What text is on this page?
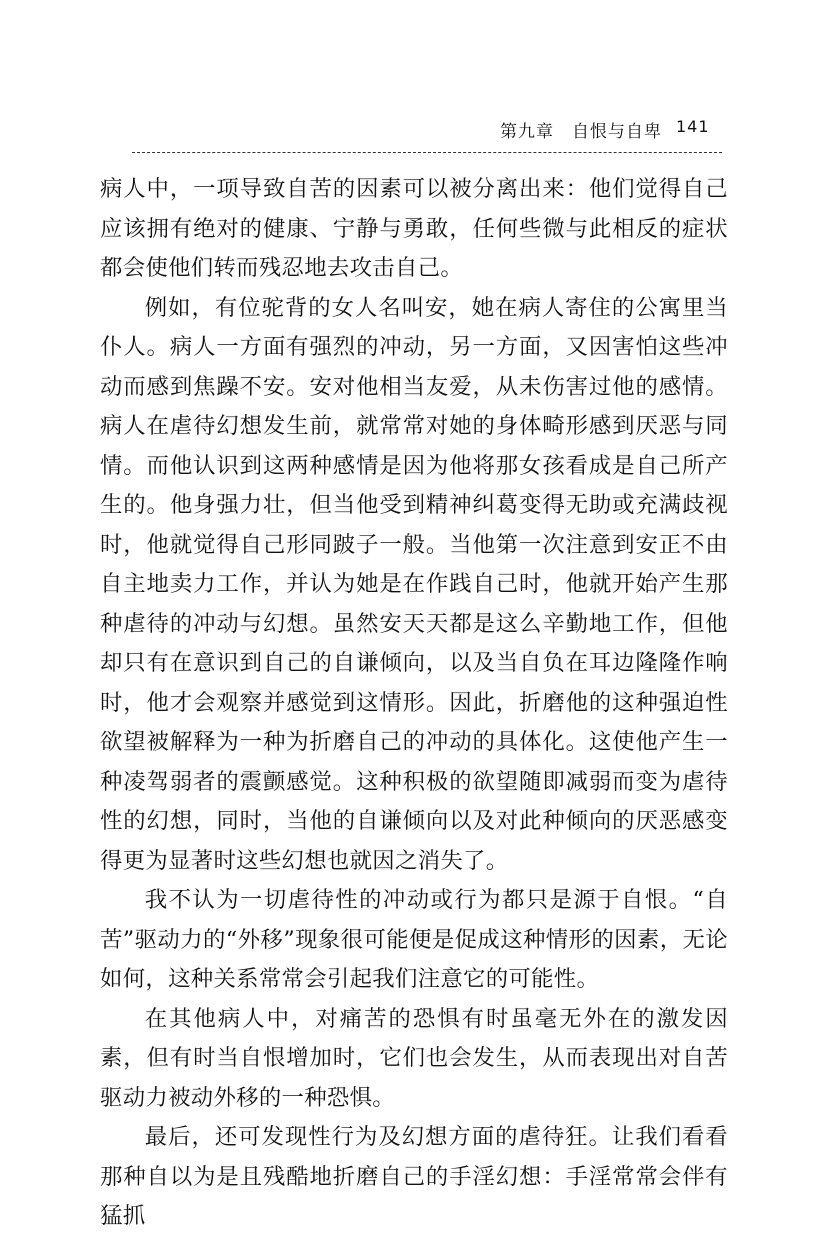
第九章 自恨与自卑 141

病人中，一项导致自苦的因素可以被分离出来：他们觉得自己应该拥有绝对的健康、宁静与勇敢，任何些微与此相反的症状都会使他们转而残忍地去攻击自己。

例如，有位驼背的女人名叫安，她在病人寄住的公寓里当仆人。病人一方面有强烈的冲动，另一方面，又因害怕这些冲动而感到焦躁不安。安对他相当友爱，从未伤害过他的感情。病人在虐待幻想发生前，就常常对她的身体畸形感到厌恶与同情。而他认识到这两种感情是因为他将那女孩看成是自己所产生的。他身强力壮，但当他受到精神纠葛变得无助或充满歧视时，他就觉得自己形同跛子一般。当他第一次注意到安正不由自主地卖力工作，并认为她是在作践自己时，他就开始产生那种虐待的冲动与幻想。虽然安天天都是这么辛勤地工作，但他却只有在意识到自己的自谦倾向，以及当自负在耳边隆隆作响时，他才会观察并感觉到这情形。因此，折磨他的这种强迫性欲望被解释为一种为折磨自己的冲动的具体化。这使他产生一种凌驾弱者的震颤感觉。这种积极的欲望随即减弱而变为虐待性的幻想，同时，当他的自谦倾向以及对此种倾向的厌恶感变得更为显著时这些幻想也就因之消失了。

我不认为一切虐待性的冲动或行为都只是源于自恨。“自苦”驱动力的“外移”现象很可能便是促成这种情形的因素，无论如何，这种关系常常会引起我们注意它的可能性。

在其他病人中，对痛苦的恐惧有时虽毫无外在的激发因素，但有时当自恨增加时，它们也会发生，从而表现出对自苦驱动力被动外移的一种恐惧。

最后，还可发现性行为及幻想方面的虐待狂。让我们看看那种自以为是且残酷地折磨自己的手淫幻想：手淫常常会伴有猛抓
